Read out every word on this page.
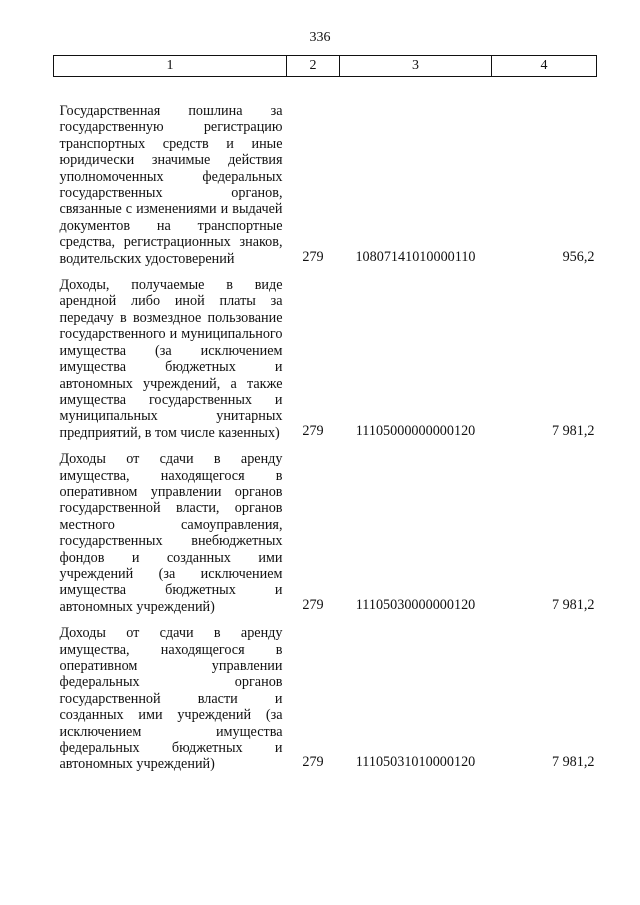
336
1	2	3	4
Государственная пошлина за государственную регистрацию транспортных средств и иные юридически значимые действия уполномоченных федеральных государственных органов, связанные с изменениями и выдачей документов на транспортные средства, регистрационных знаков, водительских удостоверений	279	10807141010000110	956,2
Доходы, получаемые в виде арендной либо иной платы за передачу в возмездное пользование государственного и муниципального имущества (за исключением имущества бюджетных и автономных учреждений, а также имущества государственных и муниципальных унитарных предприятий, в том числе казенных)	279	11105000000000120	7 981,2
Доходы от сдачи в аренду имущества, находящегося в оперативном управлении органов государственной власти, органов местного самоуправления, государственных внебюджетных фондов и созданных ими учреждений (за исключением имущества бюджетных и автономных учреждений)	279	11105030000000120	7 981,2
Доходы от сдачи в аренду имущества, находящегося в оперативном управлении федеральных органов государственной власти и созданных ими учреждений (за исключением имущества федеральных бюджетных и автономных учреждений)	279	11105031010000120	7 981,2
